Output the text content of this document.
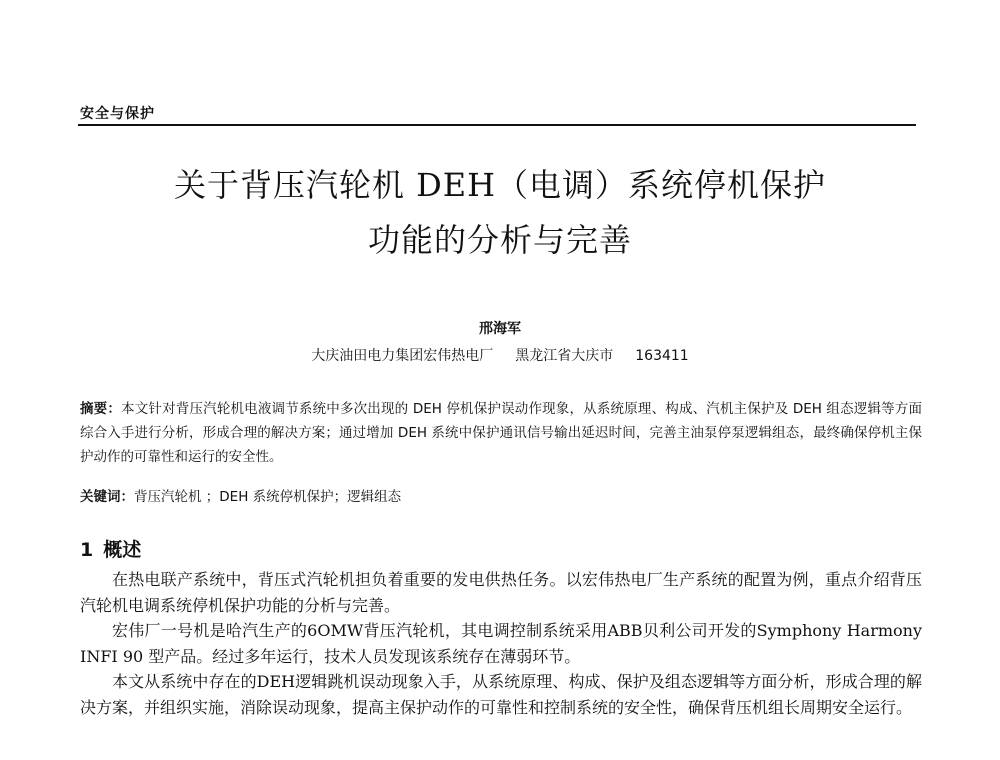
安全与保护
关于背压汽轮机 DEH（电调）系统停机保护
功能的分析与完善
邢海军
大庆油田电力集团宏伟热电厂 黑龙江省大庆市 163411
摘要：本文针对背压汽轮机电液调节系统中多次出现的 DEH 停机保护误动作现象，从系统原理、构成、汽机主保护及 DEH 组态逻辑等方面综合入手进行分析，形成合理的解决方案；通过增加 DEH 系统中保护通讯信号输出延迟时间，完善主油泵停泵逻辑组态，最终确保停机主保护动作的可靠性和运行的安全性。
关键词：背压汽轮机 ；DEH 系统停机保护；逻辑组态
1 概述

在热电联产系统中，背压式汽轮机担负着重要的发电供热任务。以宏伟热电厂生产系统的配置为例，重点介绍背压汽轮机电调系统停机保护功能的分析与完善。

宏伟厂一号机是哈汽生产的6OMW背压汽轮机，其电调控制系统采用ABB贝利公司开发的Symphony Harmony INFI 90 型产品。经过多年运行，技术人员发现该系统存在薄弱环节。

本文从系统中存在的DEH逻辑跳机误动现象入手，从系统原理、构成、保护及组态逻辑等方面分析，形成合理的解决方案，并组织实施，消除误动现象，提高主保护动作的可靠性和控制系统的安全性，确保背压机组长周期安全运行。
